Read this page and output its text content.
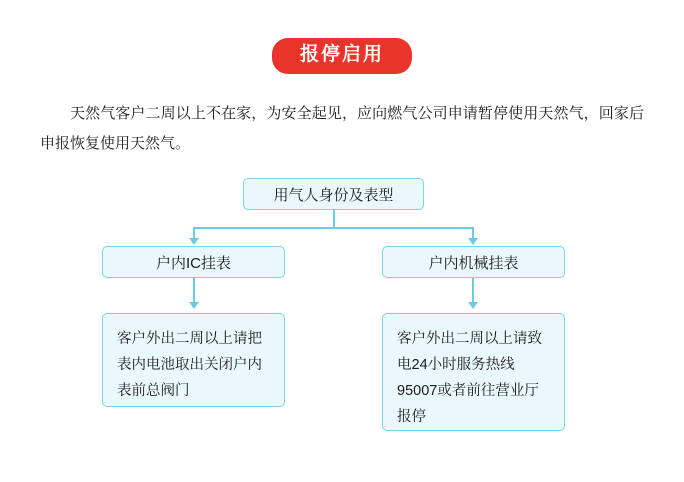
报停启用

天然气客户二周以上不在家，为安全起见，应向燃气公司申请暂停使用天然气，回家后申报恢复使用天然气。

用气人身份及表型
户内IC挂表	户内机械挂表
客户外出二周以上请把表内电池取出关闭户内表前总阀门
客户外出二周以上请致电24小时服务热线95007或者前往营业厅报停
